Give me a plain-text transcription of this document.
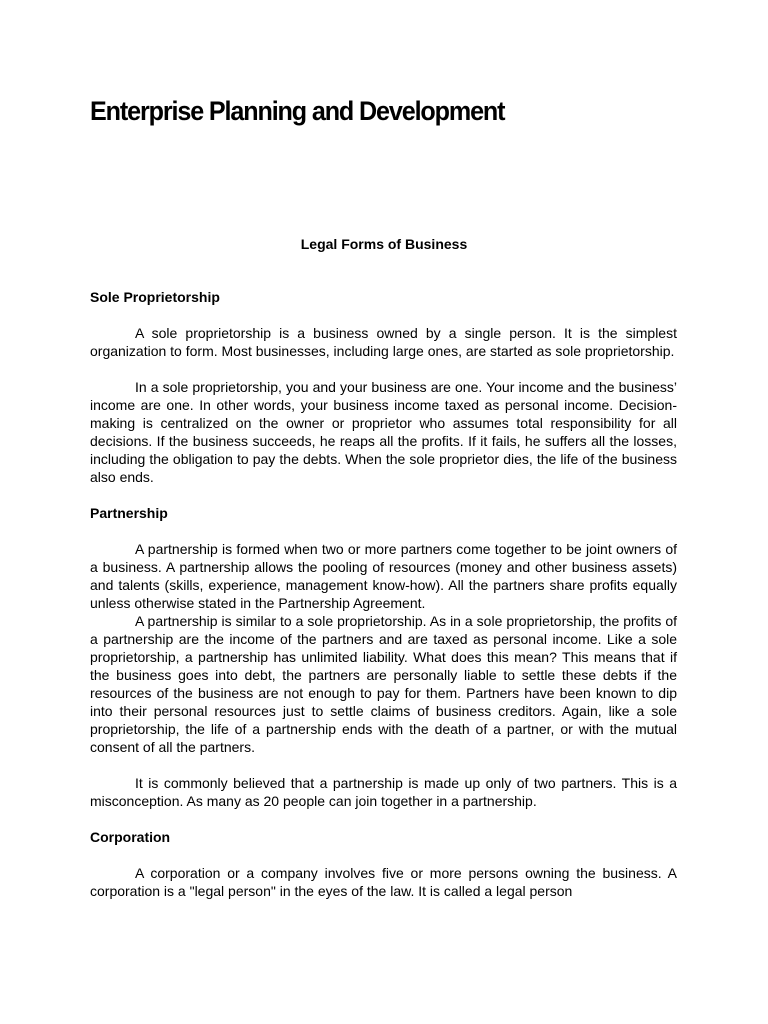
Enterprise Planning and Development
Legal Forms of Business
Sole Proprietorship

A sole proprietorship is a business owned by a single person. It is the simplest organization to form. Most businesses, including large ones, are started as sole proprietorship.

In a sole proprietorship, you and your business are one. Your income and the business’ income are one. In other words, your business income taxed as personal income. Decision-making is centralized on the owner or proprietor who assumes total responsibility for all decisions. If the business succeeds, he reaps all the profits. If it fails, he suffers all the losses, including the obligation to pay the debts. When the sole proprietor dies, the life of the business also ends.

Partnership

A partnership is formed when two or more partners come together to be joint owners of a business. A partnership allows the pooling of resources (money and other business assets) and talents (skills, experience, management know-how). All the partners share profits equally unless otherwise stated in the Partnership Agreement.

A partnership is similar to a sole proprietorship. As in a sole proprietorship, the profits of a partnership are the income of the partners and are taxed as personal income. Like a sole proprietorship, a partnership has unlimited liability. What does this mean? This means that if the business goes into debt, the partners are personally liable to settle these debts if the resources of the business are not enough to pay for them. Partners have been known to dip into their personal resources just to settle claims of business creditors. Again, like a sole proprietorship, the life of a partnership ends with the death of a partner, or with the mutual consent of all the partners.

It is commonly believed that a partnership is made up only of two partners. This is a misconception. As many as 20 people can join together in a partnership.

Corporation

A corporation or a company involves five or more persons owning the business. A corporation is a "legal person" in the eyes of the law. It is called a legal person
